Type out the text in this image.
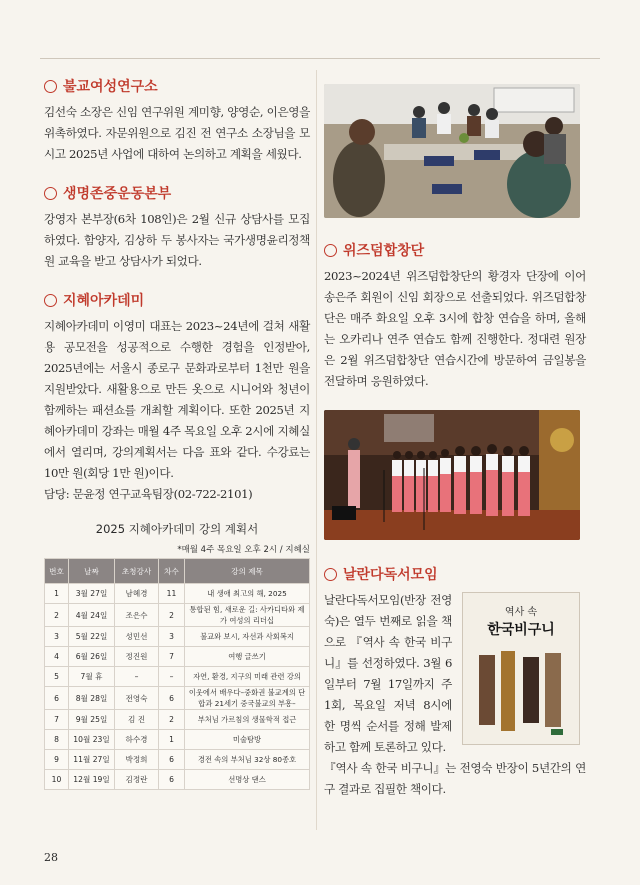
불교여성연구소
김선숙 소장은 신임 연구위원 계미향, 양영순, 이은영을 위촉하였다. 자문위원으로 김진 전 연구소 소장님을 모시고 2025년 사업에 대하여 논의하고 계획을 세웠다.
생명존중운동본부
강영자 본부장(6차 108인)은 2월 신규 상담사를 모집하였다. 함양자, 김상하 두 봉사자는 국가생명윤리정책원 교육을 받고 상담사가 되었다.
지혜아카데미
지혜아카데미 이영미 대표는 2023~24년에 걸쳐 새활용 공모전을 성공적으로 수행한 경험을 인정받아, 2025년에는 서울시 종로구 문화과로부터 1천만 원을 지원받았다. 새활용으로 만든 옷으로 시니어와 청년이 함께하는 패션쇼를 개최할 계획이다. 또한 2025년 지혜아카데미 강좌는 매월 4주 목요일 오후 2시에 지혜실에서 열리며, 강의계획서는 다음 표와 같다. 수강료는 10만 원(회당 1만 원)이다.
담당: 문윤정 연구교육팀장(02-722-2101)
2025 지혜아카데미 강의 계획서
*매월 4주 목요일 오후 2시 / 지혜실
번호	날짜	초청강사	차수	강의 제목
1	3월 27일	남혜경	11	내 생애 최고의 해, 2025
2	4월 24일	조은수	2	통합된 힘, 새로운 길: 사카디타와 제가 여성의 리더십
3	5월 22일	성민선	3	불교와 보시, 자선과 사회복지
4	6월 26일	정진원	7	여행 글쓰기
5	7월 휴	–	–	자연, 환경, 지구의 미래 관련 강의
6	8월 28일	전영숙	6	이웃에서 배우다–중화권 불교계의 단합과 21세기 중국불교의 부흥–
7	9월 25일	김 진	2	부처님 가르침의 생물학적 접근
8	10월 23일	하수경	1	미술탐방
9	11월 27일	박정희	6	경전 속의 부처님 32상 80종호
10	12월 19일	김정란	6	선명상 댄스
위즈덤합창단
2023~2024년 위즈덤합창단의 황경자 단장에 이어 송은주 회원이 신임 회장으로 선출되었다. 위즈덤합창단은 매주 화요일 오후 3시에 합창 연습을 하며, 올해는 오카리나 연주 연습도 함께 진행한다. 정대련 원장은 2월 위즈덤합창단 연습시간에 방문하여 금일봉을 전달하며 응원하였다.
날란다독서모임
날란다독서모임(반장 전영숙)은 열두 번째로 읽을 책으로 『역사 속 한국 비구니』를 선정하였다. 3월 6일부터 7월 17일까지 주 1회, 목요일 저녁 8시에 한 명씩 순서를 정해 발제하고 함께 토론하고 있다.
역사 속
한국비구니
『역사 속 한국 비구니』는 전영숙 반장이 5년간의 연구 결과로 집필한 책이다.
28
